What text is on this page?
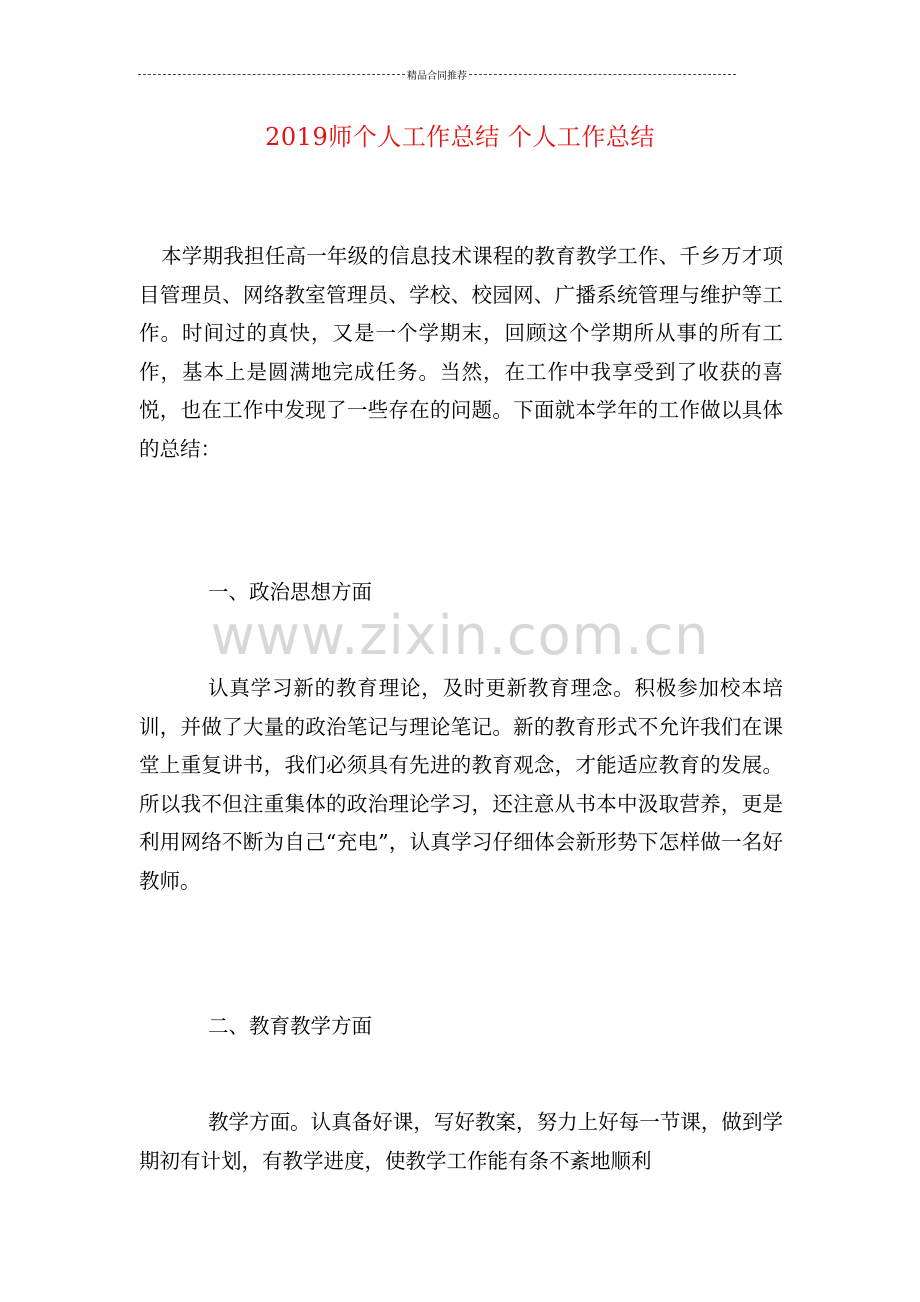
精品合同推荐
2019师个人工作总结 个人工作总结
本学期我担任高一年级的信息技术课程的教育教学工作、千乡万才项目管理员、网络教室管理员、学校、校园网、广播系统管理与维护等工作。时间过的真快，又是一个学期末，回顾这个学期所从事的所有工作，基本上是圆满地完成任务。当然，在工作中我享受到了收获的喜悦，也在工作中发现了一些存在的问题。下面就本学年的工作做以具体的总结：
一、政治思想方面
www.zixin.com.cn
认真学习新的教育理论，及时更新教育理念。积极参加校本培训，并做了大量的政治笔记与理论笔记。新的教育形式不允许我们在课堂上重复讲书，我们必须具有先进的教育观念，才能适应教育的发展。所以我不但注重集体的政治理论学习，还注意从书本中汲取营养，更是利用网络不断为自己“充电”，认真学习仔细体会新形势下怎样做一名好教师。
二、教育教学方面
教学方面。认真备好课，写好教案，努力上好每一节课，做到学期初有计划，有教学进度，使教学工作能有条不紊地顺利
